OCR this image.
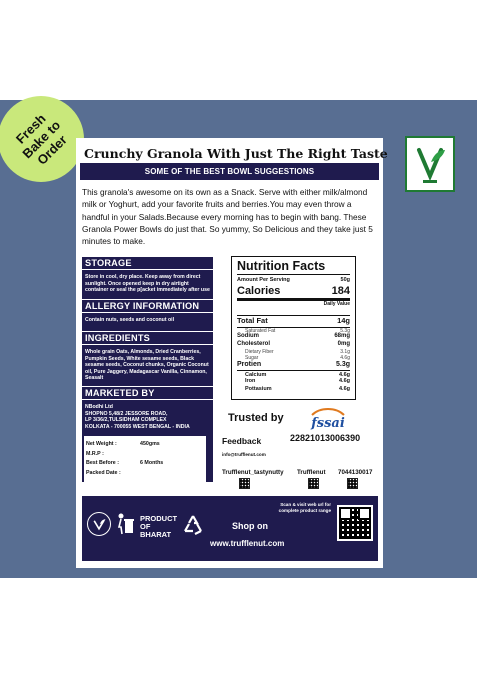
Fresh
Bake to
Order	Crunchy Granola With Just The Right Taste
SOME OF THE BEST BOWL SUGGESTIONS
This granola's awesome on its own as a Snack. Serve with either milk/almond milk or Yoghurt, add your favorite fruits and berries.You may even throw a handful in your Salads.Because every morning has to begin with bang. These Granola Power Bowls do just that. So yummy, So Delicious and they take just 5 minutes to make.
STORAGE
Store in cool, dry place. Keep away from direct sunlight. Once opened keep in dry airtight container or seal the p[acket immediately after use
ALLERGY INFORMATION
Contain nuts, seeds and coconut oil
INGREDIENTS
Whole grain Oats, Almonds, Dried Cranberries, Pumpkin Seeds, White sesame seeds, Black sesame seeds, Coconut chunks, Organic Coconut oil, Pure Jaggery, Madagascar Vanilla, Cinnamon, Seasalt
MARKETED BY
NBodhi Ltd
SHOPNO 5,48/2 JESSORE ROAD,
LP 3/36/2,TULSIDHAM COMPLEX
KOLKATA - 700055 WEST BENGAL - INDIA
Net Weight :	450gms
M.R.P :
Best Before :	6 Months
Packed Date :
Nutrition Facts
Amount Per Serving	50g
Calories	184
Daily Value
Total Fat	14g
Saturated Fat	5.3g
Sodium	68mg
Cholesterol	0mg
Dietary Fiber	3.1g
Sugar	4.6g
Protien	5.3g
Calcium	4.6g
Iron	4.6g
Pottasium	4.6g
Trusted by fssai
22821013006390
Feedback
info@trufflenut.com
Trufflenut_tastynutty Trufflenut 7044130017
PRODUCT
OF
BHARAT
Shop on
www.trufflenut.com
Scan & visit web url for complete product range
